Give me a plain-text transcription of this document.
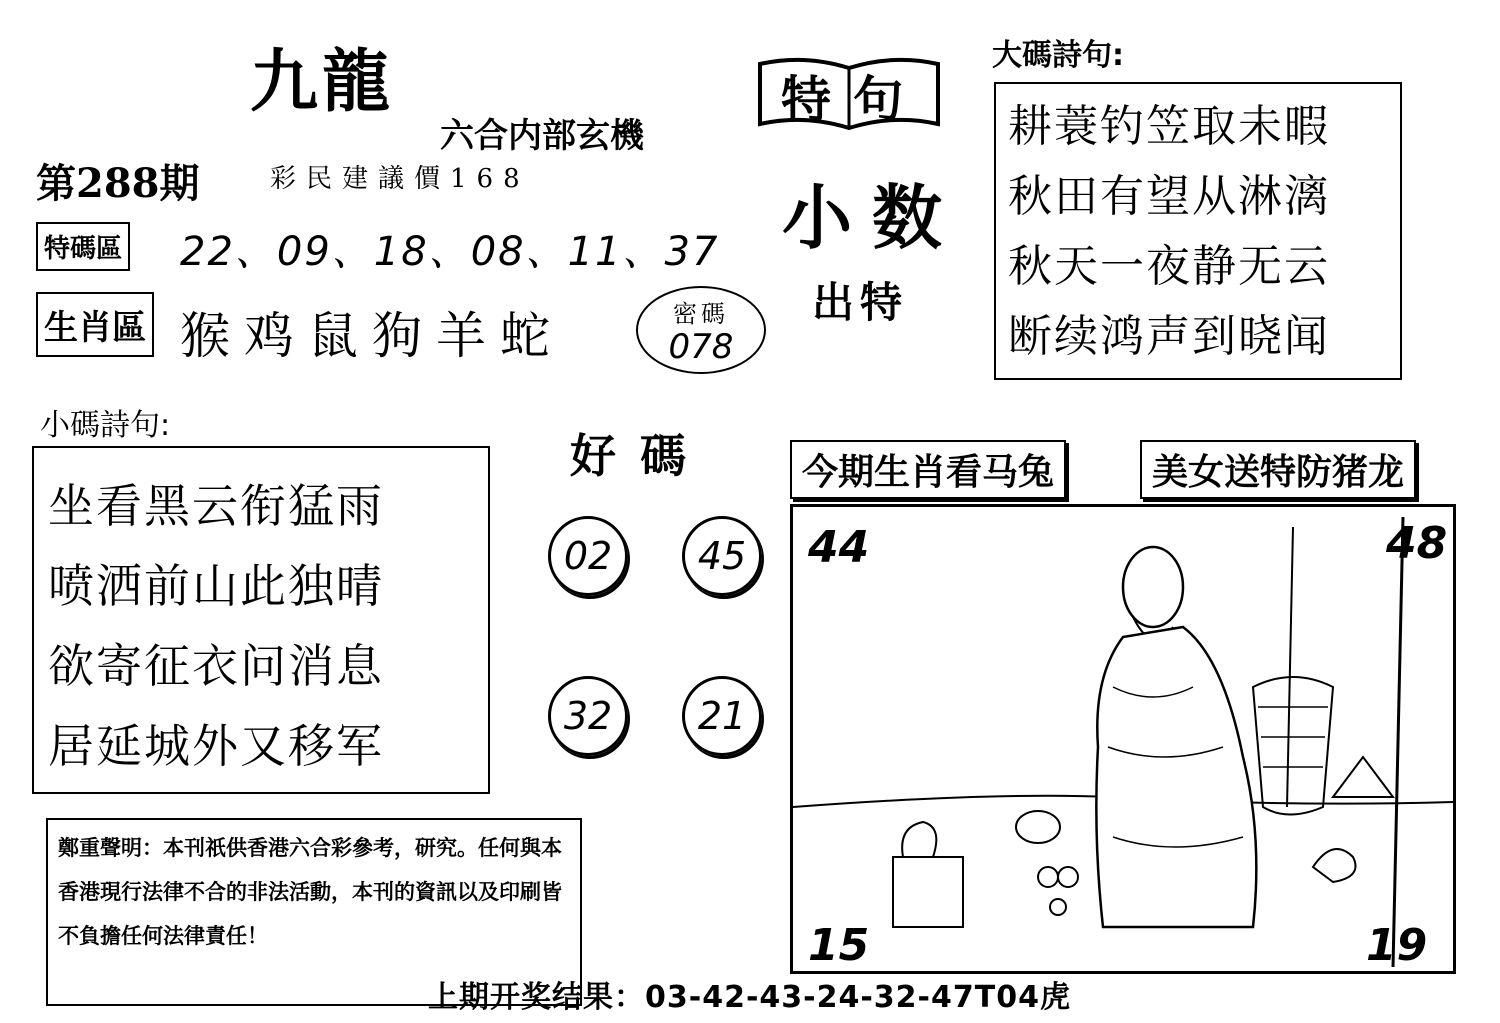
九龍
六合内部玄機
第288期	彩民建議價168
特碼區 22、09、18、08、11、37
生肖區 猴鸡鼠狗羊蛇	密碼
078
特句
小数
出特
大碼詩句:
耕蓑钓笠取未暇
秋田有望从淋漓
秋天一夜静无云
断续鸿声到晓闻
小碼詩句:
坐看黑云衔猛雨
喷洒前山此独晴
欲寄征衣问消息
居延城外又移军
好碼
02	45
32	21
今期生肖看马兔	美女送特防猪龙
44	48
15	19
鄭重聲明：本刊祇供香港六合彩參考，研究。任何與本香港現行法律不合的非法活動，本刊的資訊以及印刷皆不負擔任何法律責任！
上期开奖结果：03-42-43-24-32-47T04虎
